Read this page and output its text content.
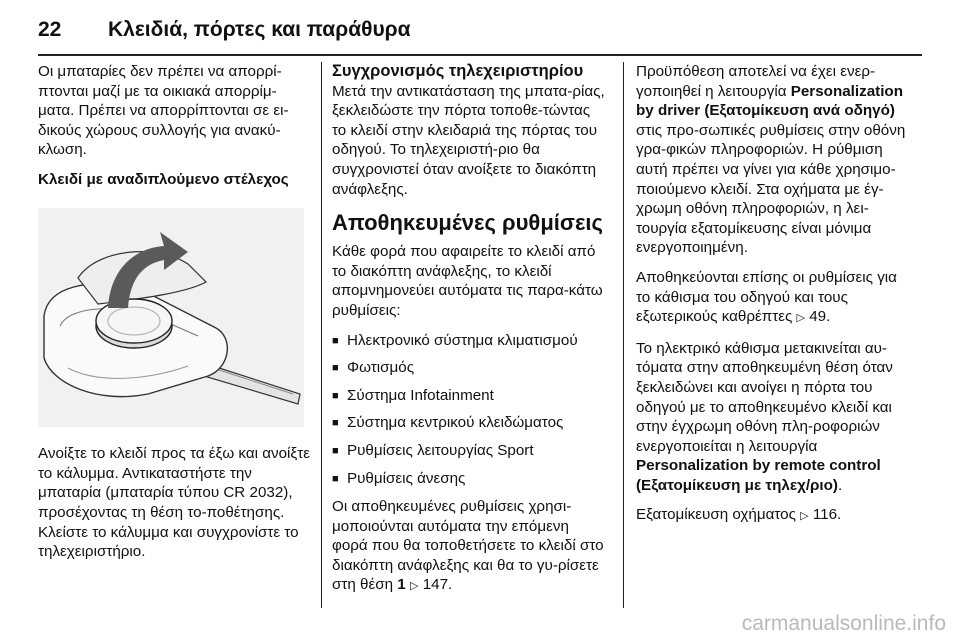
22	Κλειδιά, πόρτες και παράθυρα

Οι μπαταρίες δεν πρέπει να απορρί-πτονται μαζί με τα οικιακά απορρίμ-ματα. Πρέπει να απορρίπτονται σε ει-δικούς χώρους συλλογής για ανακύ-κλωση.

Κλειδί με αναδιπλούμενο στέλεχος

Ανοίξτε το κλειδί προς τα έξω και ανοίξτε το κάλυμμα. Αντικαταστήστε την μπαταρία (μπαταρία τύπου CR 2032), προσέχοντας τη θέση το-ποθέτησης. Κλείστε το κάλυμμα και συγχρονίστε το τηλεχειριστήριο.

Συγχρονισμός τηλεχειριστηρίου

Μετά την αντικατάσταση της μπατα-ρίας, ξεκλειδώστε την πόρτα τοποθε-τώντας το κλειδί στην κλειδαριά της πόρτας του οδηγού. Το τηλεχειριστή-ριο θα συγχρονιστεί όταν ανοίξετε το διακόπτη ανάφλεξης.

Αποθηκευμένες ρυθμίσεις

Κάθε φορά που αφαιρείτε το κλειδί από το διακόπτη ανάφλεξης, το κλειδί απομνημονεύει αυτόματα τις παρα-κάτω ρυθμίσεις:

■ Ηλεκτρονικό σύστημα κλιματισμού
■ Φωτισμός
■ Σύστημα Infotainment
■ Σύστημα κεντρικού κλειδώματος
■ Ρυθμίσεις λειτουργίας Sport
■ Ρυθμίσεις άνεσης

Οι αποθηκευμένες ρυθμίσεις χρησι-μοποιούνται αυτόματα την επόμενη φορά που θα τοποθετήσετε το κλειδί στο διακόπτη ανάφλεξης και θα το γυ-ρίσετε στη θέση 1 ▷ 147.

Προϋπόθεση αποτελεί να έχει ενερ-γοποιηθεί η λειτουργία Personalization by driver (Εξατομίκευση ανά οδηγό) στις προ-σωπικές ρυθμίσεις στην οθόνη γρα-φικών πληροφοριών. Η ρύθμιση αυτή πρέπει να γίνει για κάθε χρησιμο-ποιούμενο κλειδί. Στα οχήματα με έγ-χρωμη οθόνη πληροφοριών, η λει-τουργία εξατομίκευσης είναι μόνιμα ενεργοποιημένη.

Αποθηκεύονται επίσης οι ρυθμίσεις για το κάθισμα του οδηγού και τους εξωτερικούς καθρέπτες ▷ 49.

Το ηλεκτρικό κάθισμα μετακινείται αυ-τόματα στην αποθηκευμένη θέση όταν ξεκλειδώνει και ανοίγει η πόρτα του οδηγού με το αποθηκευμένο κλειδί και στην έγχρωμη οθόνη πλη-ροφοριών ενεργοποιείται η λειτουργία Personalization by remote control (Εξατομίκευση με τηλεχ/ριο).

Εξατομίκευση οχήματος ▷ 116.

carmanualsonline.info
